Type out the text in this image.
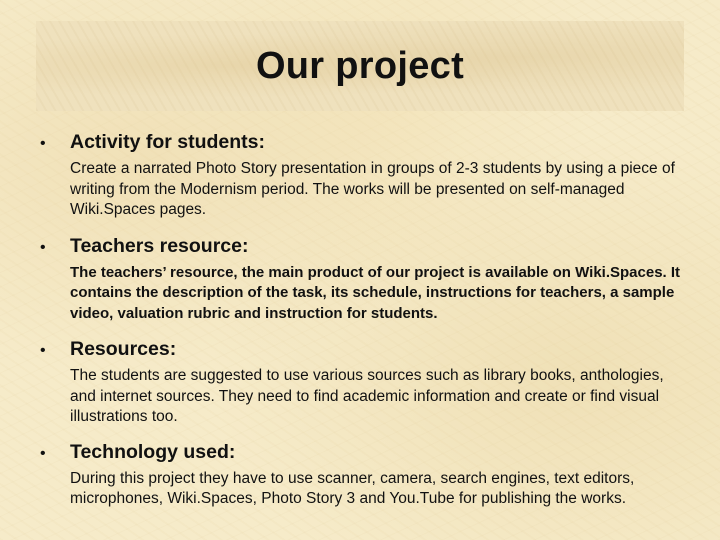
Our project
•	Activity for students:

Create a narrated Photo Story presentation in groups of 2-3 students by using a piece of writing from the Modernism period. The works will be presented on self-managed Wiki.Spaces pages.

•	Teachers resource:

The teachers’ resource, the main product of our project is available on Wiki.Spaces. It contains the description of the task, its schedule, instructions for teachers, a sample video, valuation rubric and instruction for students.

•	Resources:

The students are suggested to use various sources such as library books, anthologies, and internet sources. They need to find academic information and create or find visual illustrations too.

•	Technology used:

During this project they have to use scanner, camera, search engines, text editors, microphones, Wiki.Spaces, Photo Story 3 and You.Tube for publishing the works.
